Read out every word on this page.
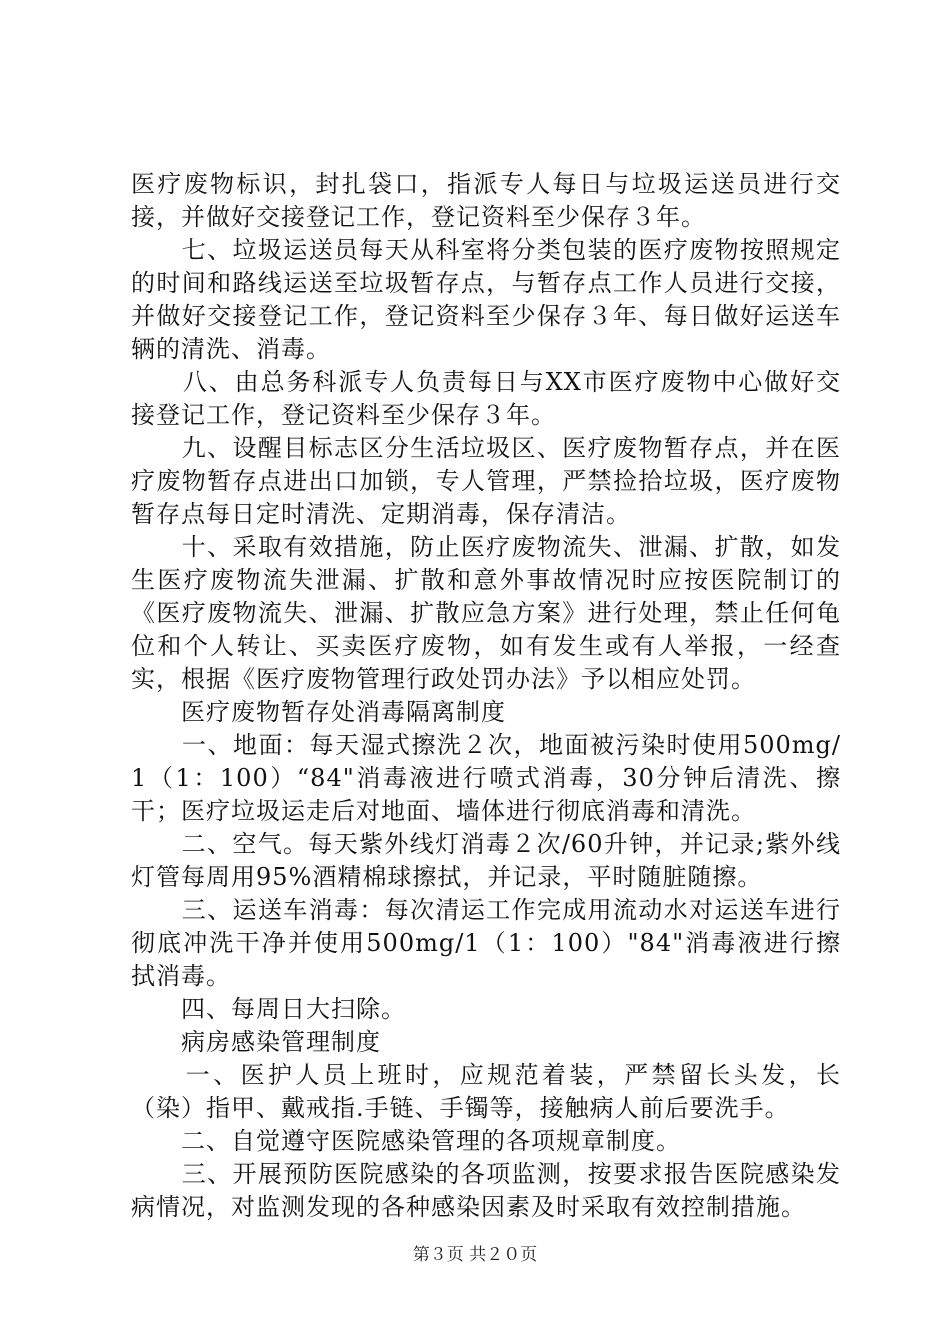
医疗废物标识，封扎袋口，指派专人每日与垃圾运送员进行交接，并做好交接登记工作，登记资料至少保存３年。

　　七、垃圾运送员每天从科室将分类包装的医疗废物按照规定的时间和路线运送至垃圾暂存点，与暂存点工作人员进行交接，并做好交接登记工作，登记资料至少保存３年、每日做好运送车辆的清洗、消毒。

　　八、由总务科派专人负责每日与XX市医疗废物中心做好交接登记工作，登记资料至少保存３年。

　　九、设醒目标志区分生活垃圾区、医疗废物暂存点，并在医疗废物暂存点进出口加锁，专人管理，严禁捡拾垃圾，医疗废物暂存点每日定时清洗、定期消毒，保存清洁。

　　十、采取有效措施，防止医疗废物流失、泄漏、扩散，如发生医疗废物流失泄漏、扩散和意外事故情况时应按医院制订的《医疗废物流失、泄漏、扩散应急方案》进行处理，禁止任何龟位和个人转让、买卖医疗废物，如有发生或有人举报，一经查实，根据《医疗废物管理行政处罚办法》予以相应处罚。

　　医疗废物暂存处消毒隔离制度

　　一、地面：每天湿式擦洗２次，地面被污染时使用500mg/1（1：100）“84"消毒液进行喷式消毒，30分钟后清洗、擦干；医疗垃圾运走后对地面、墙体进行彻底消毒和清洗。

　　二、空气。每天紫外线灯消毒２次/60升钟，并记录;紫外线灯管每周用95%酒精棉球擦拭，并记录，平时随脏随擦。

　　三、运送车消毒：每次清运工作完成用流动水对运送车进行彻底冲洗干净并使用500mg/1（1：100）"84"消毒液进行擦拭消毒。

　　四、每周日大扫除。

　　病房感染管理制度

　　一、医护人员上班时，应规范着装，严禁留长头发，长（染）指甲、戴戒指.手链、手镯等，接触病人前后要洗手。

　　二、自觉遵守医院感染管理的各项规章制度。

　　三、开展预防医院感染的各项监测，按要求报告医院感染发病情况，对监测发现的各种感染因素及时采取有效控制措施。

第３页 共２０页
